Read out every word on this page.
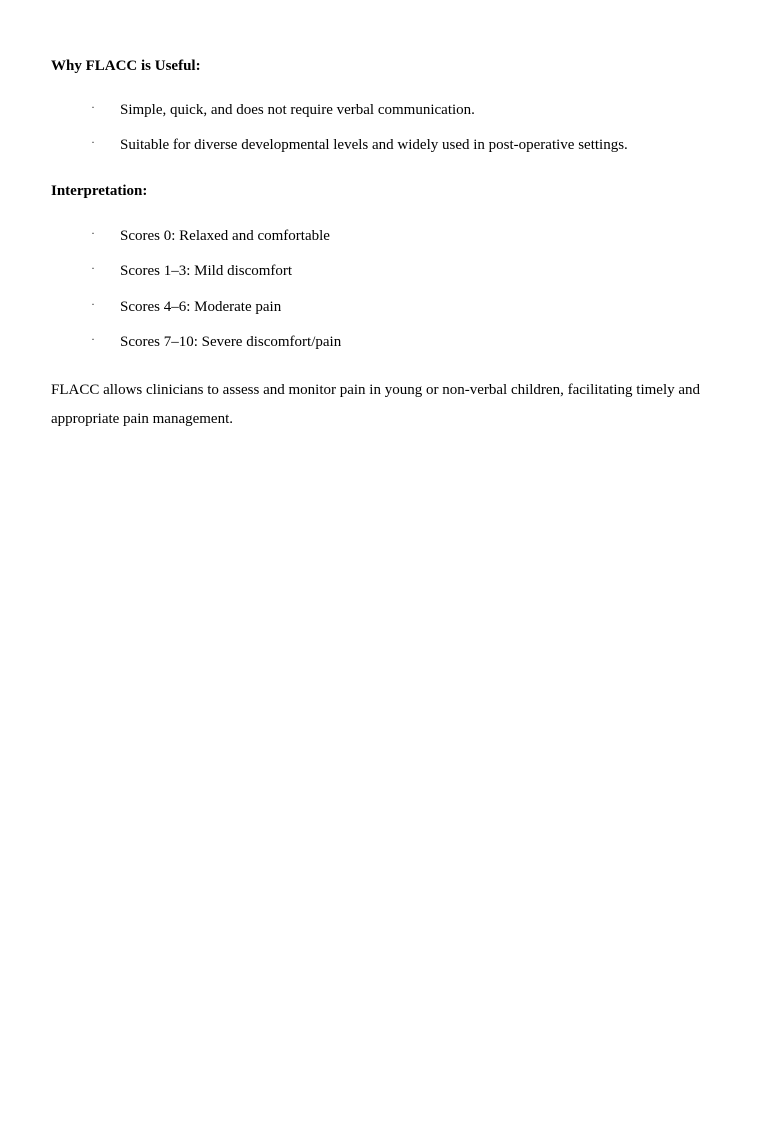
Why FLACC is Useful:

· Simple, quick, and does not require verbal communication.
· Suitable for diverse developmental levels and widely used in post-operative settings.

Interpretation:

· Scores 0: Relaxed and comfortable
· Scores 1–3: Mild discomfort
· Scores 4–6: Moderate pain
· Scores 7–10: Severe discomfort/pain

FLACC allows clinicians to assess and monitor pain in young or non-verbal children, facilitating timely and appropriate pain management.
